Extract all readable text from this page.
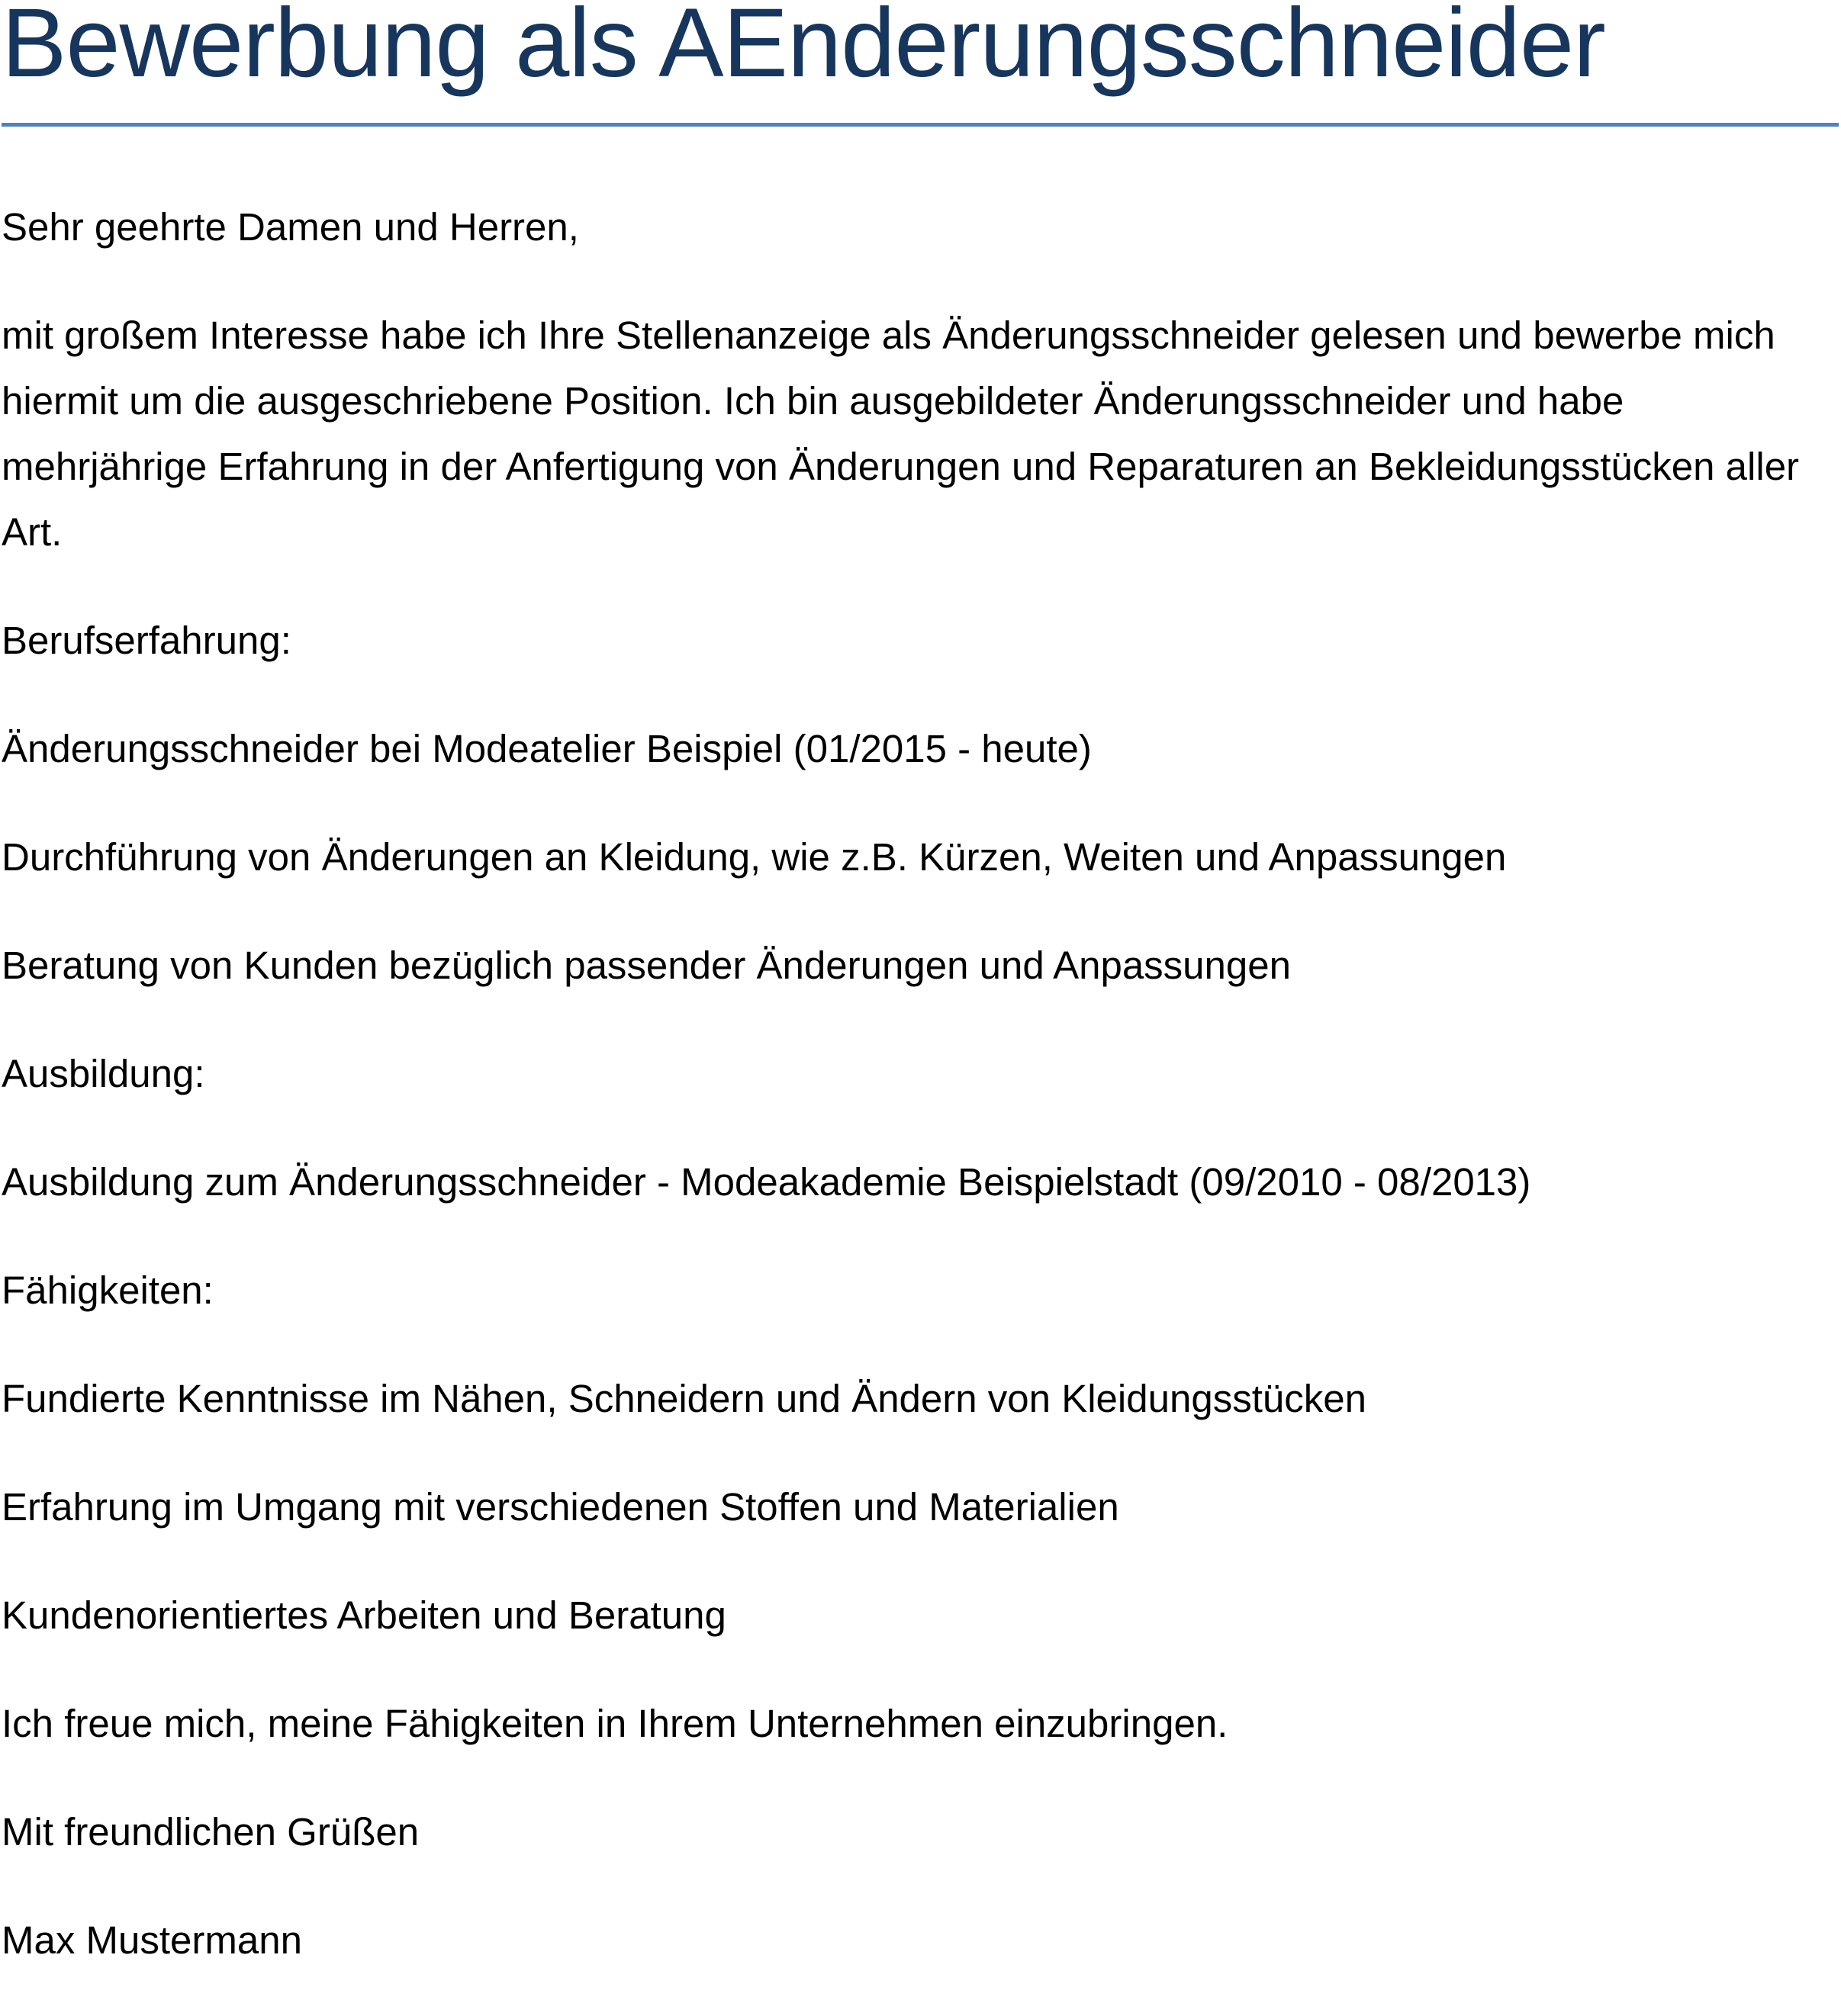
Bewerbung als AEnderungsschneider

Sehr geehrte Damen und Herren,

mit großem Interesse habe ich Ihre Stellenanzeige als Änderungsschneider gelesen und bewerbe mich hiermit um die ausgeschriebene Position. Ich bin ausgebildeter Änderungsschneider und habe mehrjährige Erfahrung in der Anfertigung von Änderungen und Reparaturen an Bekleidungsstücken aller Art.

Berufserfahrung:

Änderungsschneider bei Modeatelier Beispiel (01/2015 - heute)

Durchführung von Änderungen an Kleidung, wie z.B. Kürzen, Weiten und Anpassungen

Beratung von Kunden bezüglich passender Änderungen und Anpassungen

Ausbildung:

Ausbildung zum Änderungsschneider - Modeakademie Beispielstadt (09/2010 - 08/2013)

Fähigkeiten:

Fundierte Kenntnisse im Nähen, Schneidern und Ändern von Kleidungsstücken

Erfahrung im Umgang mit verschiedenen Stoffen und Materialien

Kundenorientiertes Arbeiten und Beratung

Ich freue mich, meine Fähigkeiten in Ihrem Unternehmen einzubringen.

Mit freundlichen Grüßen

Max Mustermann
